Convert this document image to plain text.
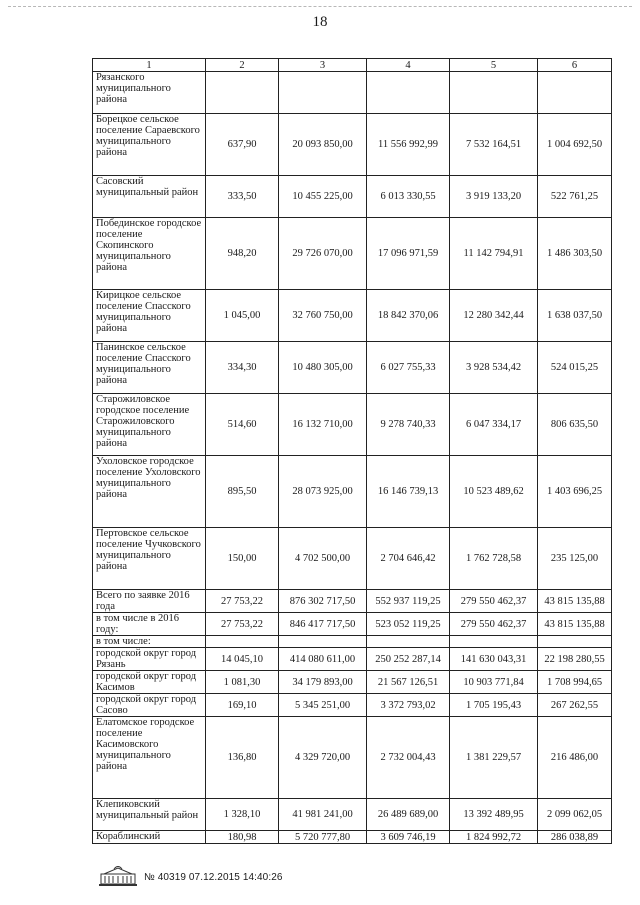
18
1	2	3	4	5	6
Рязанского муниципального района					
Борецкое сельское поселение Сараевского муниципального района	637,90	20 093 850,00	11 556 992,99	7 532 164,51	1 004 692,50
Сасовский муниципальный район	333,50	10 455 225,00	6 013 330,55	3 919 133,20	522 761,25
Побединское городское поселение Скопинского муниципального района	948,20	29 726 070,00	17 096 971,59	11 142 794,91	1 486 303,50
Кирицкое сельское поселение Спасского муниципального района	1 045,00	32 760 750,00	18 842 370,06	12 280 342,44	1 638 037,50
Панинское сельское поселение Спасского муниципального района	334,30	10 480 305,00	6 027 755,33	3 928 534,42	524 015,25
Старожиловское городское поселение Старожиловского муниципального района	514,60	16 132 710,00	9 278 740,33	6 047 334,17	806 635,50
Ухоловское городское поселение Ухоловского муниципального района	895,50	28 073 925,00	16 146 739,13	10 523 489,62	1 403 696,25
Пертовское сельское поселение Чучковского муниципального района	150,00	4 702 500,00	2 704 646,42	1 762 728,58	235 125,00
Всего по заявке 2016 года	27 753,22	876 302 717,50	552 937 119,25	279 550 462,37	43 815 135,88
в том числе в 2016 году:	27 753,22	846 417 717,50	523 052 119,25	279 550 462,37	43 815 135,88
в том числе:					
городской округ город Рязань	14 045,10	414 080 611,00	250 252 287,14	141 630 043,31	22 198 280,55
городской округ город Касимов	1 081,30	34 179 893,00	21 567 126,51	10 903 771,84	1 708 994,65
городской округ город Сасово	169,10	5 345 251,00	3 372 793,02	1 705 195,43	267 262,55
Елатомское городское поселение Касимовского муниципального района	136,80	4 329 720,00	2 732 004,43	1 381 229,57	216 486,00
Клепиковский муниципальный район	1 328,10	41 981 241,00	26 489 689,00	13 392 489,95	2 099 062,05
Кораблинский	180,98	5 720 777,80	3 609 746,19	1 824 992,72	286 038,89
№ 40319 07.12.2015 14:40:26
